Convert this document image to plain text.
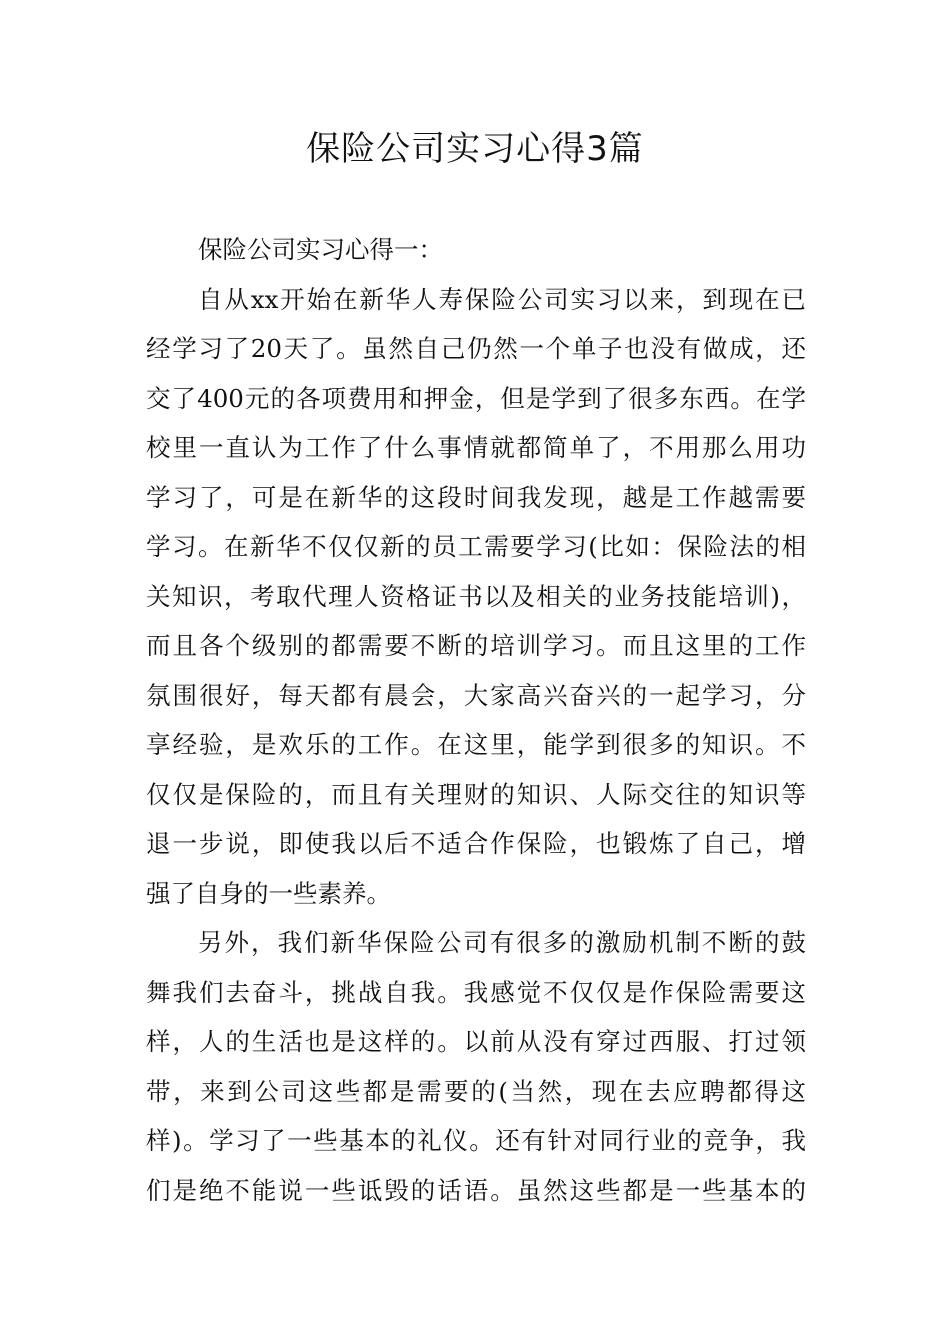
保险公司实习心得3篇
保险公司实习心得一：
自从xx开始在新华人寿保险公司实习以来，到现在已
经学习了20天了。虽然自己仍然一个单子也没有做成，还
交了400元的各项费用和押金，但是学到了很多东西。在学
校里一直认为工作了什么事情就都简单了，不用那么用功
学习了，可是在新华的这段时间我发现，越是工作越需要
学习。在新华不仅仅新的员工需要学习(比如：保险法的相
关知识，考取代理人资格证书以及相关的业务技能培训)，
而且各个级别的都需要不断的培训学习。而且这里的工作
氛围很好，每天都有晨会，大家高兴奋兴的一起学习，分
享经验，是欢乐的工作。在这里，能学到很多的知识。不
仅仅是保险的，而且有关理财的知识、人际交往的知识等
退一步说，即使我以后不适合作保险，也锻炼了自己，增
强了自身的一些素养。
另外，我们新华保险公司有很多的激励机制不断的鼓
舞我们去奋斗，挑战自我。我感觉不仅仅是作保险需要这
样，人的生活也是这样的。以前从没有穿过西服、打过领
带，来到公司这些都是需要的(当然，现在去应聘都得这
样)。学习了一些基本的礼仪。还有针对同行业的竞争，我
们是绝不能说一些诋毁的话语。虽然这些都是一些基本的
